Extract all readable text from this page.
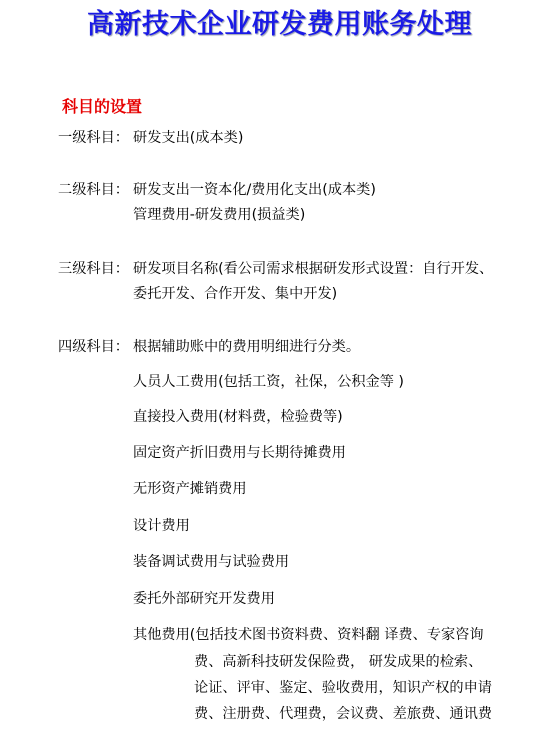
高新技术企业研发费用账务处理
科目的设置
一级科目： 研发支出(成本类)
二级科目： 研发支出一资本化/费用化支出(成本类)
管理费用-研发费用(损益类)
三级科目： 研发项目名称(看公司需求根据研发形式设置：自行开发、
委托开发、合作开发、集中开发)
四级科目： 根据辅助账中的费用明细进行分类。
人员人工费用(包括工资，社保，公积金等 )
直接投入费用(材料费，检验费等)
固定资产折旧费用与长期待摊费用
无形资产摊销费用
设计费用
装备调试费用与试验费用
委托外部研究开发费用
其他费用(包括技术图书资料费、资料翻 译费、专家咨询
费、高新科技研发保险费， 研发成果的检索、
论证、评审、鉴定、验收费用，知识产权的申请
费、注册费、代理费，会议费、差旅费、通讯费
